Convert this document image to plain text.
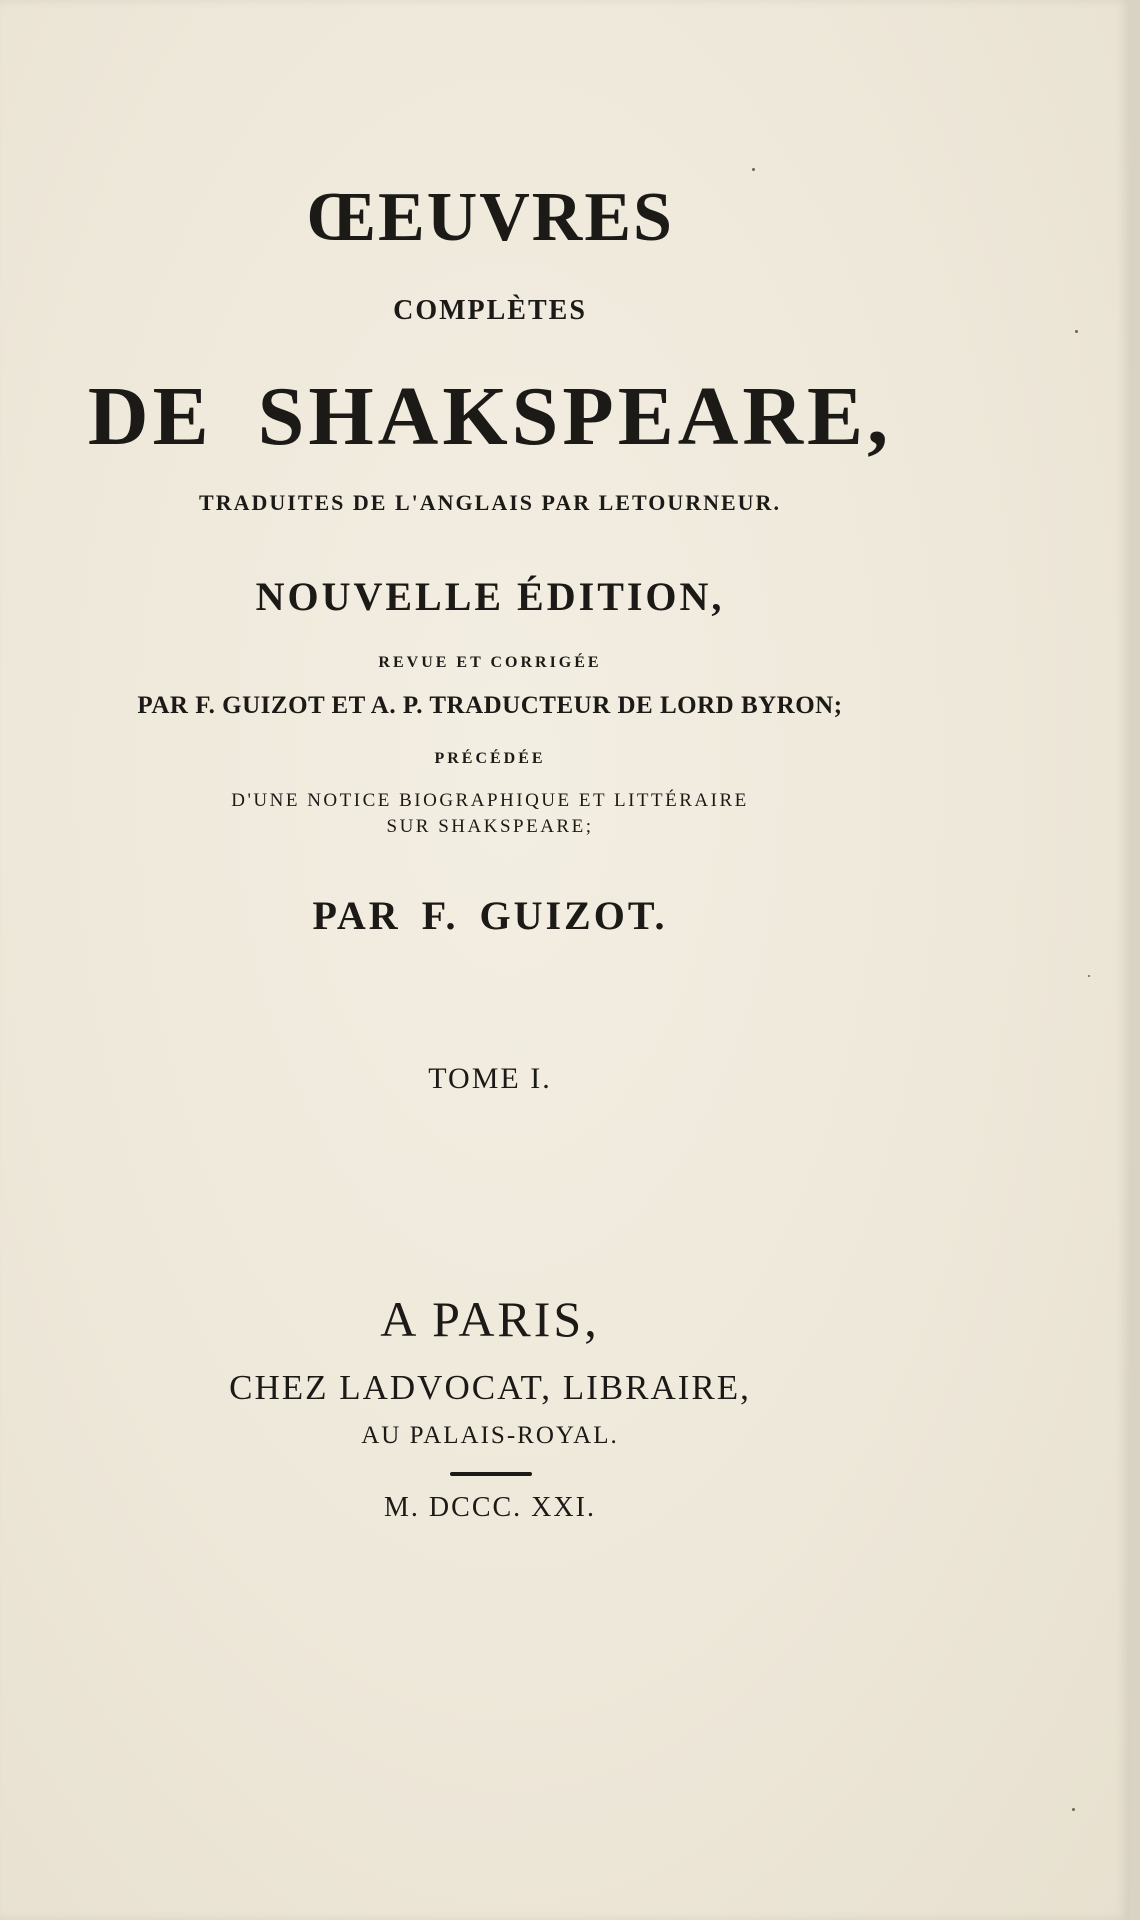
ŒEUVRES
COMPLÈTES
DE SHAKSPEARE,
TRADUITES DE L'ANGLAIS PAR LETOURNEUR.
NOUVELLE ÉDITION,
REVUE ET CORRIGÉE
PAR F. GUIZOT ET A. P. TRADUCTEUR DE LORD BYRON;
PRÉCÉDÉE
D'UNE NOTICE BIOGRAPHIQUE ET LITTÉRAIRE
SUR SHAKSPEARE;
PAR F. GUIZOT.
TOME I.
A PARIS,
CHEZ LADVOCAT, LIBRAIRE,
AU PALAIS-ROYAL.
M. DCCC. XXI.
